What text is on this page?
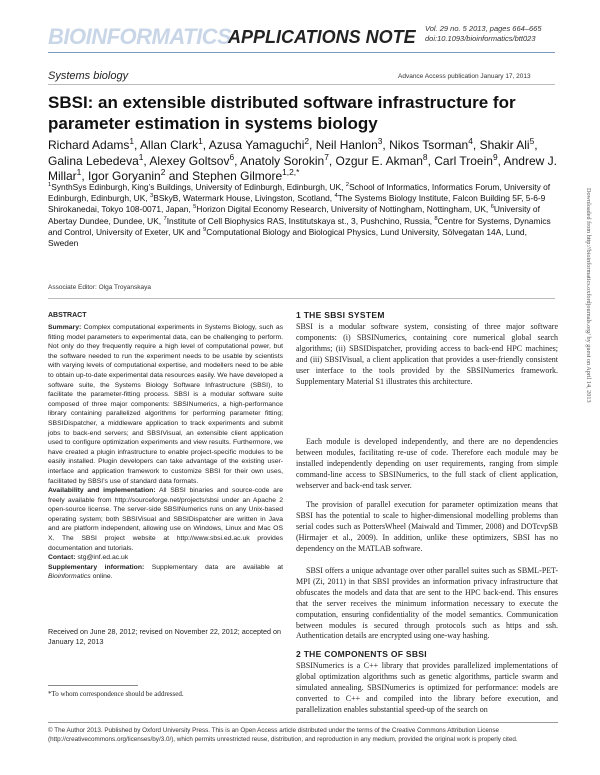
BIOINFORMATICS
APPLICATIONS NOTE Vol. 29 no. 5 2013, pages 664–665
doi:10.1093/bioinformatics/btt023
Systems biology	Advance Access publication January 17, 2013
SBSI: an extensible distributed software infrastructure for parameter estimation in systems biology
Richard Adams$^1$, Allan Clark$^1$, Azusa Yamaguchi$^2$, Neil Hanlon$^3$, Nikos Tsorman$^4$, Shakir Ali$^5$, Galina Lebedeva$^1$, Alexey Goltsov$^6$, Anatoly Sorokin$^7$, Ozgur E. Akman$^8$, Carl Troein$^9$, Andrew J. Millar$^1$, Igor Goryanin$^2$ and Stephen Gilmore$^{1,2,*}$
$^1$SynthSys Edinburgh, King’s Buildings, University of Edinburgh, Edinburgh, UK, $^2$School of Informatics, Informatics Forum, University of Edinburgh, Edinburgh, UK, $^3$BSkyB, Watermark House, Livingston, Scotland, $^4$The Systems Biology Institute, Falcon Building 5F, 5-6-9 Shirokanedai, Tokyo 108-0071, Japan, $^5$Horizon Digital Economy Research, University of Nottingham, Nottingham, UK, $^6$University of Abertay Dundee, Dundee, UK, $^7$Institute of Cell Biophysics RAS, Institutskaya st., 3, Pushchino, Russia, $^8$Centre for Systems, Dynamics and Control, University of Exeter, UK and $^9$Computational Biology and Biological Physics, Lund University, Sölvegatan 14A, Lund, Sweden
Associate Editor: Olga Troyanskaya
ABSTRACT

Summary: Complex computational experiments in Systems Biology, such as fitting model parameters to experimental data, can be challenging to perform. Not only do they frequently require a high level of computational power, but the software needed to run the experiment needs to be usable by scientists with varying levels of computational expertise, and modellers need to be able to obtain up-to-date experimental data resources easily. We have developed a software suite, the Systems Biology Software Infrastructure (SBSI), to facilitate the parameter-fitting process. SBSI is a modular software suite composed of three major components: SBSINumerics, a high-performance library containing parallelized algorithms for performing parameter fitting; SBSIDispatcher, a middleware application to track experiments and submit jobs to back-end servers; and SBSIVisual, an extensible client application used to configure optimization experiments and view results. Furthermore, we have created a plugin infrastructure to enable project-specific modules to be easily installed. Plugin developers can take advantage of the existing user-interface and application framework to customize SBSI for their own uses, facilitated by SBSI’s use of standard data formats.

Availability and implementation: All SBSI binaries and source-code are freely available from http://sourceforge.net/projects/sbsi under an Apache 2 open-source license. The server-side SBSINumerics runs on any Unix-based operating system; both SBSIVisual and SBSIDispatcher are written in Java and are platform independent, allowing use on Windows, Linux and Mac OS X. The SBSI project website at http://www.sbsi.ed.ac.uk provides documentation and tutorials.

Contact: stg@inf.ed.ac.uk

Supplementary information: Supplementary data are available at Bioinformatics online.

Received on June 28, 2012; revised on November 22, 2012; accepted on January 12, 2013
*To whom correspondence should be addressed.
© The Author 2013. Published by Oxford University Press. This is an Open Access article distributed under the terms of the Creative Commons Attribution License (http://creativecommons.org/licenses/by/3.0/), which permits unrestricted reuse, distribution, and reproduction in any medium, provided the original work is properly cited.
1 THE SBSI SYSTEM

SBSI is a modular software system, consisting of three major software components: (i) SBSINumerics, containing core numerical global search algorithms; (ii) SBSIDispatcher, providing access to back-end HPC machines; and (iii) SBSIVisual, a client application that provides a user-friendly consistent user interface to the tools provided by the SBSINumerics framework. Supplementary Material S1 illustrates this architecture.

Each module is developed independently, and there are no dependencies between modules, facilitating re-use of code. Therefore each module may be installed independently depending on user requirements, ranging from simple command-line access to SBSINumerics, to the full stack of client application, webserver and back-end task server.

The provision of parallel execution for parameter optimization means that SBSI has the potential to scale to higher-dimensional modelling problems than serial codes such as PottersWheel (Maiwald and Timmer, 2008) and DOTcvpSB (Hirmajer et al., 2009). In addition, unlike these optimizers, SBSI has no dependency on the MATLAB software.

SBSI offers a unique advantage over other parallel suites such as SBML-PET-MPI (Zi, 2011) in that SBSI provides an information privacy infrastructure that obfuscates the models and data that are sent to the HPC back-end. This ensures that the server receives the minimum information necessary to execute the computation, ensuring confidentiality of the model semantics. Communication between modules is secured through protocols such as https and ssh. Authentication details are encrypted using one-way hashing.

2 THE COMPONENTS OF SBSI

SBSINumerics is a C++ library that provides parallelized implementations of global optimization algorithms such as genetic algorithms, particle swarm and simulated annealing. SBSINumerics is optimized for performance: models are converted to C++ and compiled into the library before execution, and parallelization enables substantial speed-up of the search on

Downloaded from http://bioinformatics.oxfordjournals.org/ by guest on April 14, 2013
